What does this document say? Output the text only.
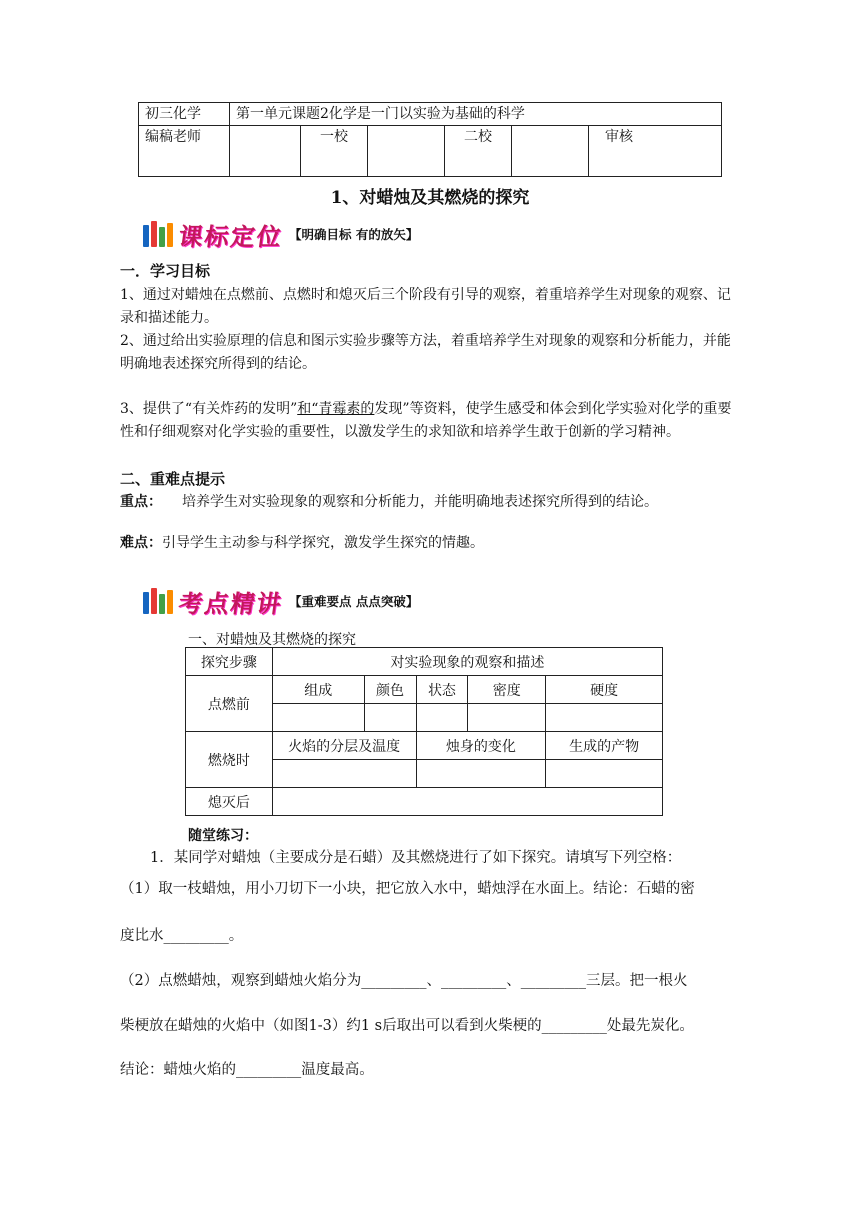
初三化学	第一单元课题2化学是一门以实验为基础的科学					
编稿老师		一校		二校		审核
1、对蜡烛及其燃烧的探究
课标定位 【明确目标 有的放矢】
一．学习目标
1、通过对蜡烛在点燃前、点燃时和熄灭后三个阶段有引导的观察，着重培养学生对现象的观察、记录和描述能力。
2、通过给出实验原理的信息和图示实验步骤等方法，着重培养学生对现象的观察和分析能力，并能明确地表述探究所得到的结论。
3、提供了“有关炸药的发明”和“青霉素的发现”等资料，使学生感受和体会到化学实验对化学的重要性和仔细观察对化学实验的重要性，以激发学生的求知欲和培养学生敢于创新的学习精神。
二、重难点提示
重点： 培养学生对实验现象的观察和分析能力，并能明确地表述探究所得到的结论。
难点：引导学生主动参与科学探究，激发学生探究的情趣。
考点精讲 【重难要点 点点突破】
一、对蜡烛及其燃烧的探究
探究步骤	对实验现象的观察和描述				
点燃前	组成	颜色	状态	密度	硬度

燃烧时	火焰的分层及温度		烛身的变化		生成的产物

熄灭后					
随堂练习：
1．某同学对蜡烛（主要成分是石蜡）及其燃烧进行了如下探究。请填写下列空格：
（1）取一枝蜡烛，用小刀切下一小块，把它放入水中，蜡烛浮在水面上。结论：石蜡的密
度比水_________。
（2）点燃蜡烛，观察到蜡烛火焰分为_________、_________、_________三层。把一根火
柴梗放在蜡烛的火焰中（如图1-3）约1 s后取出可以看到火柴梗的_________处最先炭化。
结论：蜡烛火焰的_________温度最高。
